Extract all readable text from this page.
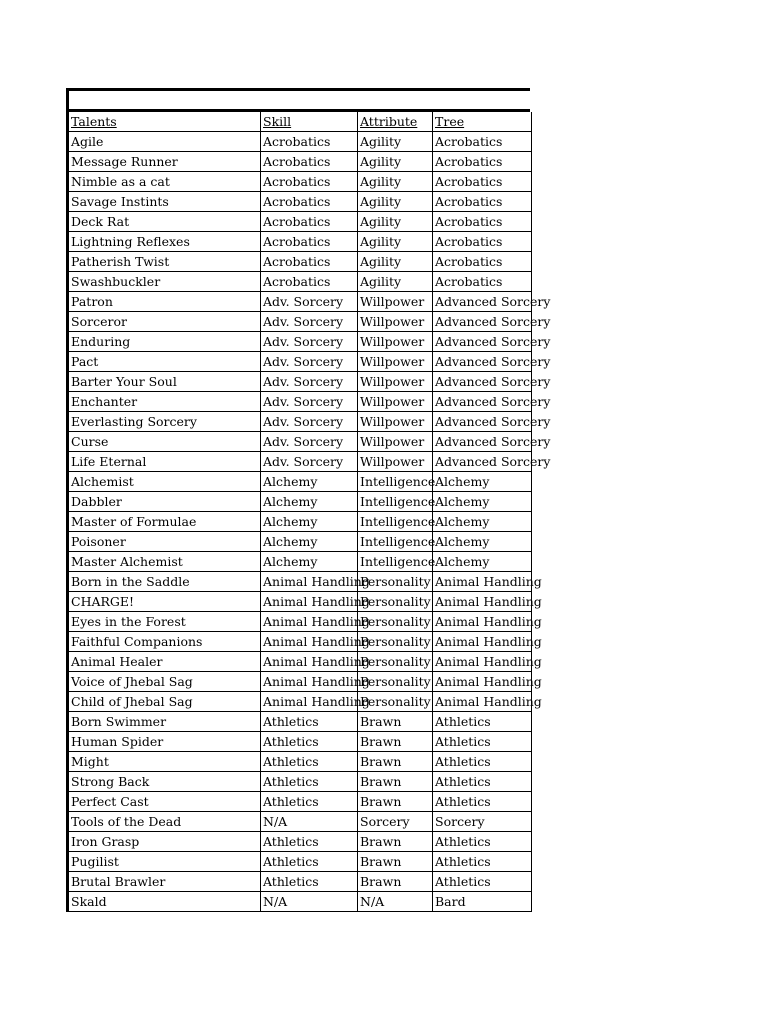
Talents	Skill	Attribute	Tree
Agile	Acrobatics	Agility	Acrobatics
Message Runner	Acrobatics	Agility	Acrobatics
Nimble as a cat	Acrobatics	Agility	Acrobatics
Savage Instints	Acrobatics	Agility	Acrobatics
Deck Rat	Acrobatics	Agility	Acrobatics
Lightning Reflexes	Acrobatics	Agility	Acrobatics
Patherish Twist	Acrobatics	Agility	Acrobatics
Swashbuckler	Acrobatics	Agility	Acrobatics
Patron	Adv. Sorcery	Willpower	Advanced Sorcery
Sorceror	Adv. Sorcery	Willpower	Advanced Sorcery
Enduring	Adv. Sorcery	Willpower	Advanced Sorcery
Pact	Adv. Sorcery	Willpower	Advanced Sorcery
Barter Your Soul	Adv. Sorcery	Willpower	Advanced Sorcery
Enchanter	Adv. Sorcery	Willpower	Advanced Sorcery
Everlasting Sorcery	Adv. Sorcery	Willpower	Advanced Sorcery
Curse	Adv. Sorcery	Willpower	Advanced Sorcery
Life Eternal	Adv. Sorcery	Willpower	Advanced Sorcery
Alchemist	Alchemy	Intelligence	Alchemy
Dabbler	Alchemy	Intelligence	Alchemy
Master of Formulae	Alchemy	Intelligence	Alchemy
Poisoner	Alchemy	Intelligence	Alchemy
Master Alchemist	Alchemy	Intelligence	Alchemy
Born in the Saddle	Animal Handling	Personality	Animal Handling
CHARGE!	Animal Handling	Personality	Animal Handling
Eyes in the Forest	Animal Handling	Personality	Animal Handling
Faithful Companions	Animal Handling	Personality	Animal Handling
Animal Healer	Animal Handling	Personality	Animal Handling
Voice of Jhebal Sag	Animal Handling	Personality	Animal Handling
Child of Jhebal Sag	Animal Handling	Personality	Animal Handling
Born Swimmer	Athletics	Brawn	Athletics
Human Spider	Athletics	Brawn	Athletics
Might	Athletics	Brawn	Athletics
Strong Back	Athletics	Brawn	Athletics
Perfect Cast	Athletics	Brawn	Athletics
Tools of the Dead	N/A	Sorcery	Sorcery
Iron Grasp	Athletics	Brawn	Athletics
Pugilist	Athletics	Brawn	Athletics
Brutal Brawler	Athletics	Brawn	Athletics
Skald	N/A	N/A	Bard
